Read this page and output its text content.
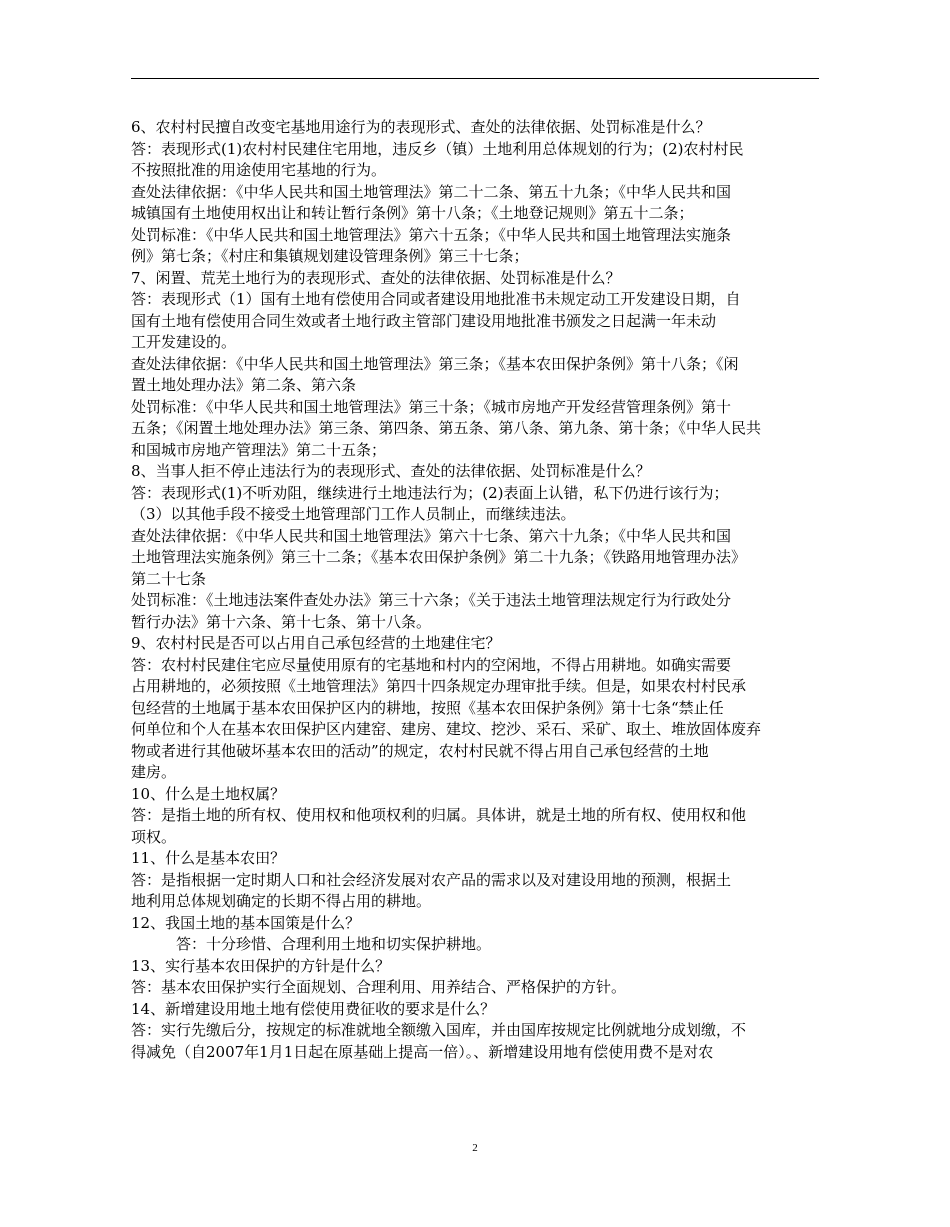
6、农村村民擅自改变宅基地用途行为的表现形式、查处的法律依据、处罚标准是什么？
答：表现形式(1)农村村民建住宅用地，违反乡（镇）土地利用总体规划的行为；(2)农村村民
不按照批准的用途使用宅基地的行为。
查处法律依据：《中华人民共和国土地管理法》第二十二条、第五十九条；《中华人民共和国
城镇国有土地使用权出让和转让暂行条例》第十八条；《土地登记规则》第五十二条；
处罚标准：《中华人民共和国土地管理法》第六十五条；《中华人民共和国土地管理法实施条
例》第七条；《村庄和集镇规划建设管理条例》第三十七条；
7、闲置、荒芜土地行为的表现形式、查处的法律依据、处罚标准是什么？
答：表现形式（1）国有土地有偿使用合同或者建设用地批准书未规定动工开发建设日期，自
国有土地有偿使用合同生效或者土地行政主管部门建设用地批准书颁发之日起满一年未动
工开发建设的。
查处法律依据：《中华人民共和国土地管理法》第三条；《基本农田保护条例》第十八条；《闲
置土地处理办法》第二条、第六条
处罚标准：《中华人民共和国土地管理法》第三十条；《城市房地产开发经营管理条例》第十
五条；《闲置土地处理办法》第三条、第四条、第五条、第八条、第九条、第十条；《中华人民共
和国城市房地产管理法》第二十五条；
8、当事人拒不停止违法行为的表现形式、查处的法律依据、处罚标准是什么？
答：表现形式(1)不听劝阻，继续进行土地违法行为；(2)表面上认错，私下仍进行该行为；
（3）以其他手段不接受土地管理部门工作人员制止，而继续违法。
查处法律依据：《中华人民共和国土地管理法》第六十七条、第六十九条；《中华人民共和国
土地管理法实施条例》第三十二条；《基本农田保护条例》第二十九条；《铁路用地管理办法》
第二十七条
处罚标准：《土地违法案件查处办法》第三十六条；《关于违法土地管理法规定行为行政处分
暂行办法》第十六条、第十七条、第十八条。
9、农村村民是否可以占用自己承包经营的土地建住宅？
答：农村村民建住宅应尽量使用原有的宅基地和村内的空闲地，不得占用耕地。如确实需要
占用耕地的，必须按照《土地管理法》第四十四条规定办理审批手续。但是，如果农村村民承
包经营的土地属于基本农田保护区内的耕地，按照《基本农田保护条例》第十七条“禁止任
何单位和个人在基本农田保护区内建窑、建房、建坟、挖沙、采石、采矿、取土、堆放固体废弃
物或者进行其他破坏基本农田的活动”的规定，农村村民就不得占用自己承包经营的土地
建房。
10、什么是土地权属？
答：是指土地的所有权、使用权和他项权利的归属。具体讲，就是土地的所有权、使用权和他
项权。
11、什么是基本农田？
答：是指根据一定时期人口和社会经济发展对农产品的需求以及对建设用地的预测，根据土
地利用总体规划确定的长期不得占用的耕地。
12、我国土地的基本国策是什么？
答：十分珍惜、合理利用土地和切实保护耕地。
13、实行基本农田保护的方针是什么？
答：基本农田保护实行全面规划、合理利用、用养结合、严格保护的方针。
14、新增建设用地土地有偿使用费征收的要求是什么？
答：实行先缴后分，按规定的标准就地全额缴入国库，并由国库按规定比例就地分成划缴，不
得减免（自2007年1月1日起在原基础上提高一倍）。、新增建设用地有偿使用费不是对农
2
